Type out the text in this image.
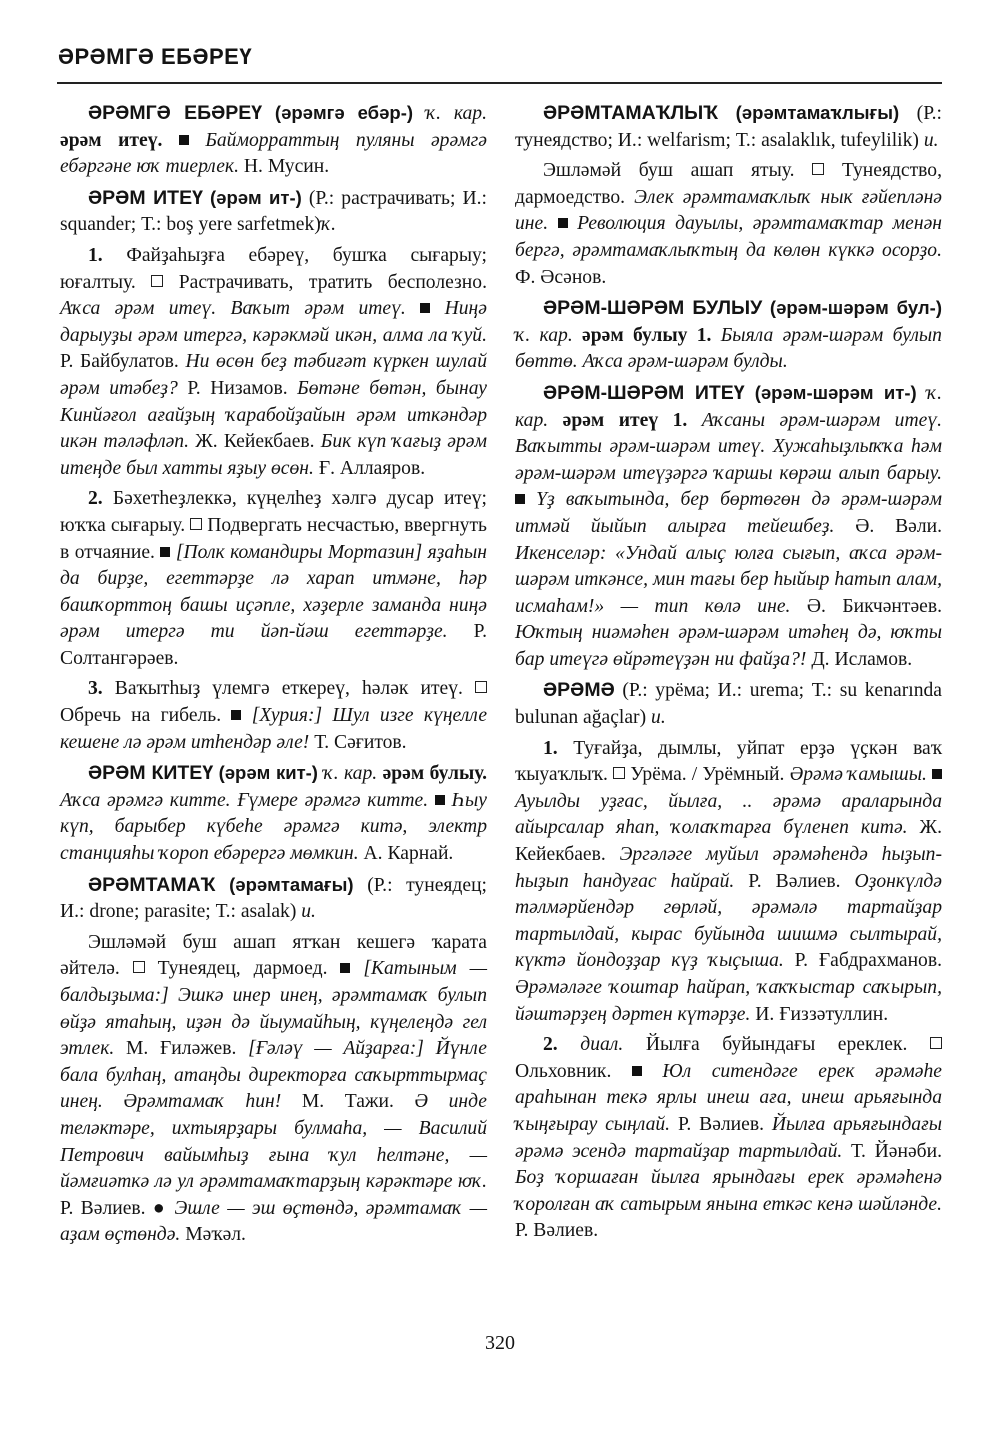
ӘРӘМГӘ ЕБӘРЕҮ

ӘРӘМГӘ ЕБӘРЕҮ (әрәмгә ебәр-) ҡ. кар. әрәм итеү. Байморраттың пуляны әрәмгә ебәргәне юҡ тиерлек. Н. Мусин.

ӘРӘМ ИТЕҮ (әрәм ит-) (Р.: растрачивать; И.: squander; Т.: boş yere sarfetmek)ҡ.

1. Файҙаһыҙға ебәреү, бушҡа сығарыу; юғалтыу. Растрачивать, тратить бесполезно. Аҡса әрәм итеү. Ваҡыт әрәм итеү. Ниңә дарыуҙы әрәм итергә, кәрәкмәй икән, алма ла ҡуй. Р. Байбулатов. Ни өсөн беҙ тәбиғәт күркен шулай әрәм итәбеҙ? Р. Низамов. Бөтәне бөтән, бынау Кинйәғол ағайҙың ҡарабойҙайын әрәм иткәндәр икән тәләфләп. Ж. Кейекбаев. Бик күп ҡағыҙ әрәм итеңде был хатты яҙыу өсөн. Ғ. Аллаяров.

2. Бәхетһеҙлеккә, күңелһеҙ хәлгә дусар итеү; юҡҡа сығарыу. Подвергать несчастью, ввергнуть в отчаяние. [Полк командиры Мортазин] яҙаһын да бирҙе, егеттәрҙе лә харап итмәне, һәр башҡорттоң башы иҫәпле, хәҙерле заманда ниңә әрәм итергә ти йәп-йәш егеттәрҙе. Р. Солтангәрәев.

3. Ваҡытһыҙ үлемгә еткереү, һәләк итеү.  Обречь на гибель. [Хурия:] Шул изге күңелле кешене лә әрәм итһендәр әле! Т. Сәғитов.

ӘРӘМ КИТЕҮ (әрәм кит-) ҡ. кар. әрәм булыу. Аҡса әрәмгә китте. Ғүмере әрәмгә китте. Һыу күп, барыбер күбеһе әрәмгә китә, электр станцияһы ҡороп ебәрергә мөмкин. А. Карнай.

ӘРӘМТАМАҠ (әрәмтамағы) (Р.: тунеядец; И.: drone; parasite; Т.: asalak) и.

Эшләмәй буш ашап ятҡан кешегә ҡарата әйтелә. Тунеядец, дармоед. [Катыным — балдыҙыма:] Эшкә инер инең, әрәмтамаҡ булып өйҙә ятаһың, иҙән дә йыумайһың, күңелеңдә гел этлек. М. Ғиләжев. [Ғәләү — Айҙарға:] Йүнле бала булһаң, атаңды директорға саҡырттырмаҫ инең. Әрәмтамаҡ һин! М. Тажи. Ә инде теләктәре, ихтыярҙары булмаһа, — Василий Петрович вайымһыҙ ғына ҡул һелтәне, — йәмғиәткә лә ул әрәмтамаҡтарҙың кәрәктәре юҡ. Р. Вәлиев. ● Эшле — эш өҫтөндә, әрәмтамаҡ — аҙам өҫтөндә. Мәҡәл.

ӘРӘМТАМАҠЛЫҠ (әрәмтамаҡлығы) (Р.: тунеядство; И.: welfarism; Т.: asalaklık, tufeylilik) и.

Эшләмәй буш ашап ятыу. Тунеядство, дармоедство. Элек әрәмтамаҡлыҡ нык ғәйепләнә ине. Революция дауылы, әрәмтамаҡтар менән бергә, әрәмтамаҡлыҡтың да көлөн күккә осорҙо. Ф. Әсәнов.

ӘРӘМ-ШӘРӘМ БУЛЫУ (әрәм-шәрәм бул-) ҡ. кар. әрәм булыу 1. Быяла әрәм-шәрәм булып бөттө. Аҡса әрәм-шәрәм булды.

ӘРӘМ-ШӘРӘМ ИТЕҮ (әрәм-шәрәм ит-) ҡ. кар. әрәм итеү 1. Аҡсаны әрәм-шәрәм итеү. Ваҡытты әрәм-шәрәм итеү. Хужаһыҙлыҡҡа һәм әрәм-шәрәм итеүҙәргә ҡаршы көрәш алып барыу.  Үҙ ваҡытында, бер бөртөгөн дә әрәм-шәрәм итмәй йыйып алырға тейешбеҙ. Ә. Вәли. Икенселәр: «Ундай алыҫ юлға сығып, аҡса әрәм-шәрәм иткәнсе, мин тағы бер һыйыр һатып алам, исмаһам!» — тип көлә ине. Ә. Бикчәнтәев. Юҡтың ниәмәһен әрәм-шәрәм итәһең дә, юҡты бар итеүгә өйрәтеүҙән ни файҙа?! Д. Исламов.

ӘРӘМӘ (Р.: урёма; И.: urema; Т.: su kenarında bulunan ağaçlar) и.

1. Туғайҙа, дымлы, уйпат ерҙә үҫкән ваҡ ҡыуаҡлыҡ. Урёма. / Урёмный. Әрәмә ҡамышы.  Ауылды уҙғас, йылға, .. әрәмә араларында айырсалар яһап, ҡолаҡтарға бүленеп китә. Ж. Кейекбаев. Эргәләге муйыл әрәмәһендә һыҙып-һыҙып һандуғас һайрай. Р. Вәлиев. Оҙонкүлдә тәлмәрйендәр гөрләй, әрәмәлә тартайҙар тартылдай, кырас буйында шишмә сылтырай, күктә йондоҙҙар күҙ ҡыҫыша. Р. Ғабдрахманов. Әрәмәләге ҡоштар һайрап, ҡаҡҡыстар саҡырып, йәштәрҙең дәртен күтәрҙе. И. Ғиззәтуллин.

2. диал. Йылға буйындағы ереклек.  Ольховник.	Юл ситендәге ерек әрәмәһе араһынан текә ярлы инеш аға, инеш арьяғында ҡыңғырау сыңлай. Р. Вәлиев. Йылға арьяғындағы әрәмә эсендә тартайҙар тартылдай. Т. Йәнәби. Боҙ ҡоршаған йылға ярындағы ерек әрәмәһенә ҡоролған аҡ сатырым янына еткәс кенә шәйләнде. Р. Вәлиев.

320
